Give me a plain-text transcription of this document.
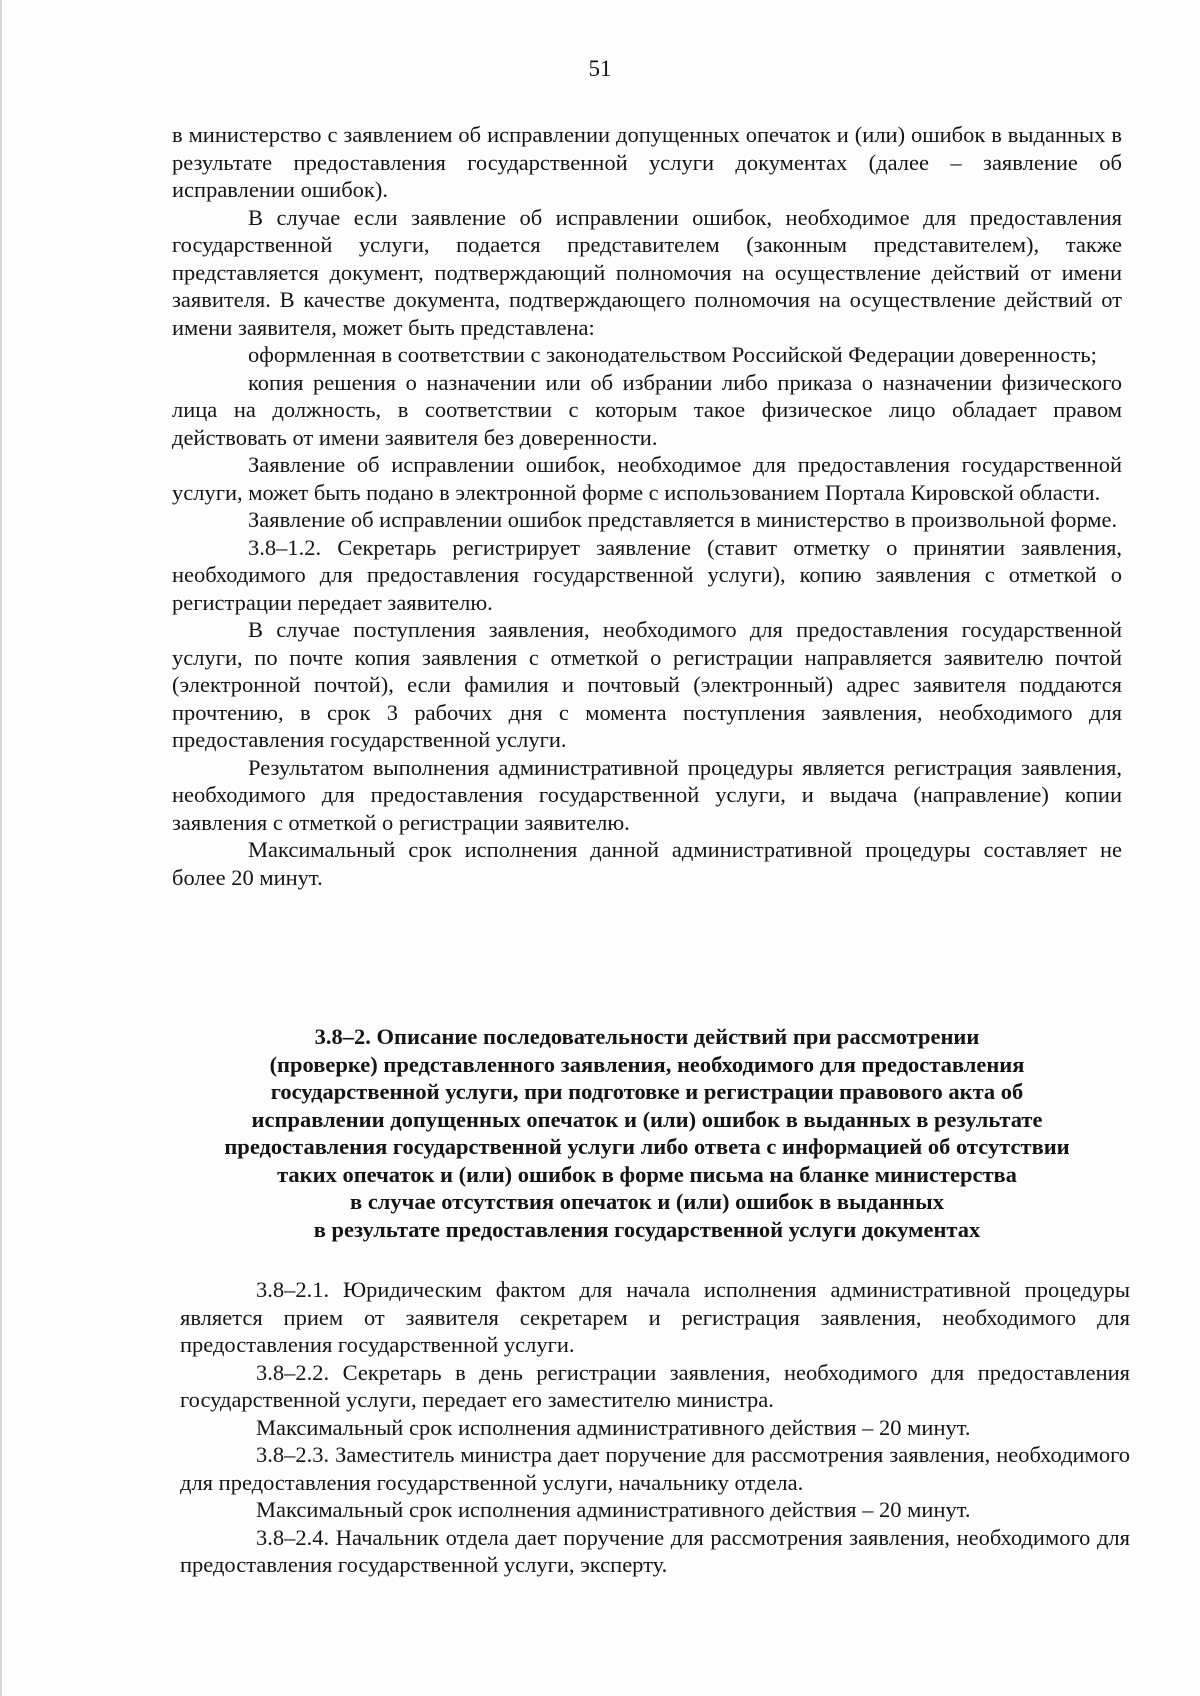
51

в министерство с заявлением об исправлении допущенных опечаток и (или) ошибок в выданных в результате предоставления государственной услуги документах (далее – заявление об исправлении ошибок).

В случае если заявление об исправлении ошибок, необходимое для предоставления государственной услуги, подается представителем (законным представителем), также представляется документ, подтверждающий полномочия на осуществление действий от имени заявителя. В качестве документа, подтверждающего полномочия на осуществление действий от имени заявителя, может быть представлена:

оформленная в соответствии с законодательством Российской Федерации доверенность;

копия решения о назначении или об избрании либо приказа о назначении физического лица на должность, в соответствии с которым такое физическое лицо обладает правом действовать от имени заявителя без доверенности.

Заявление об исправлении ошибок, необходимое для предоставления государственной услуги, может быть подано в электронной форме с использованием Портала Кировской области.

Заявление об исправлении ошибок представляется в министерство в произвольной форме.

3.8–1.2. Секретарь регистрирует заявление (ставит отметку о принятии заявления, необходимого для предоставления государственной услуги), копию заявления с отметкой о регистрации передает заявителю.

В случае поступления заявления, необходимого для предоставления государственной услуги, по почте копия заявления с отметкой о регистрации направляется заявителю почтой (электронной почтой), если фамилия и почтовый (электронный) адрес заявителя поддаются прочтению, в срок 3 рабочих дня с момента поступления заявления, необходимого для предоставления государственной услуги.

Результатом выполнения административной процедуры является регистрация заявления, необходимого для предоставления государственной услуги, и выдача (направление) копии заявления с отметкой о регистрации заявителю.

Максимальный срок исполнения данной административной процедуры составляет не более 20 минут.

3.8–2. Описание последовательности действий при рассмотрении

(проверке) представленного заявления, необходимого для предоставления

государственной услуги, при подготовке и регистрации правового акта об

исправлении допущенных опечаток и (или) ошибок в выданных в результате

предоставления государственной услуги либо ответа с информацией об отсутствии

таких опечаток и (или) ошибок в форме письма на бланке министерства

в случае отсутствия опечаток и (или) ошибок в выданных

в результате предоставления государственной услуги документах

3.8–2.1. Юридическим фактом для начала исполнения административной процедуры является прием от заявителя секретарем и регистрация заявления, необходимого для предоставления государственной услуги.

3.8–2.2. Секретарь в день регистрации заявления, необходимого для предоставления государственной услуги, передает его заместителю министра.

Максимальный срок исполнения административного действия – 20 минут.

3.8–2.3. Заместитель министра дает поручение для рассмотрения заявления, необходимого для предоставления государственной услуги, начальнику отдела.

Максимальный срок исполнения административного действия – 20 минут.

3.8–2.4. Начальник отдела дает поручение для рассмотрения заявления, необходимого для предоставления государственной услуги, эксперту.
